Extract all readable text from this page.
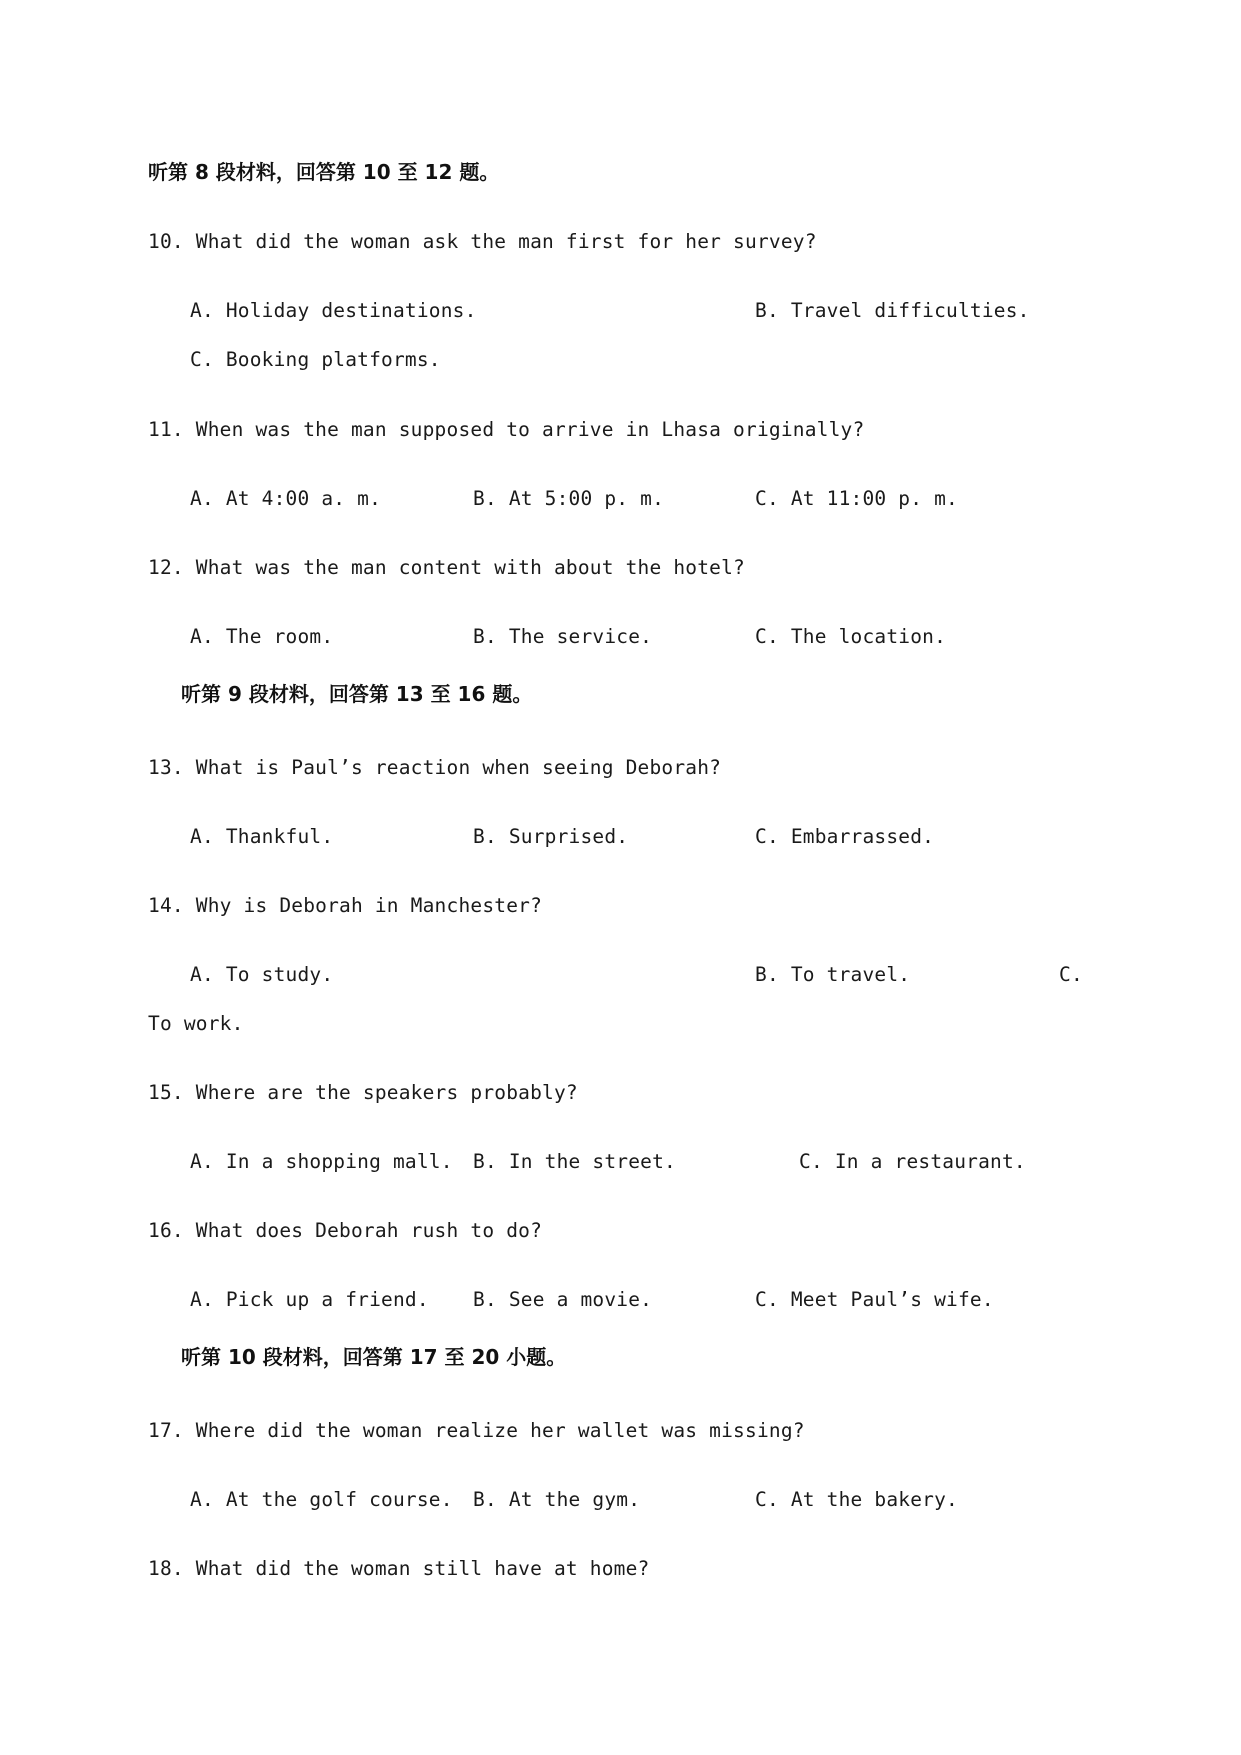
听第 8 段材料，回答第 10 至 12 题。
10. What did the woman ask the man first for her survey?
A. Holiday destinations.	B. Travel difficulties.
C. Booking platforms.
11. When was the man supposed to arrive in Lhasa originally?
A. At 4:00 a. m.	B. At 5:00 p. m.	C. At 11:00 p. m.
12. What was the man content with about the hotel?
A. The room.	B. The service.	C. The location.
听第 9 段材料，回答第 13 至 16 题。
13. What is Paul’s reaction when seeing Deborah?
A. Thankful.	B. Surprised.	C. Embarrassed.
14. Why is Deborah in Manchester?
A. To study.	B. To travel.	C.
To work.
15. Where are the speakers probably?
A. In a shopping mall. B. In the street.	C. In a restaurant.
16. What does Deborah rush to do?
A. Pick up a friend. B. See a movie.	C. Meet Paul’s wife.
听第 10 段材料，回答第 17 至 20 小题。
17. Where did the woman realize her wallet was missing?
A. At the golf course. B. At the gym.	C. At the bakery.
18. What did the woman still have at home?
